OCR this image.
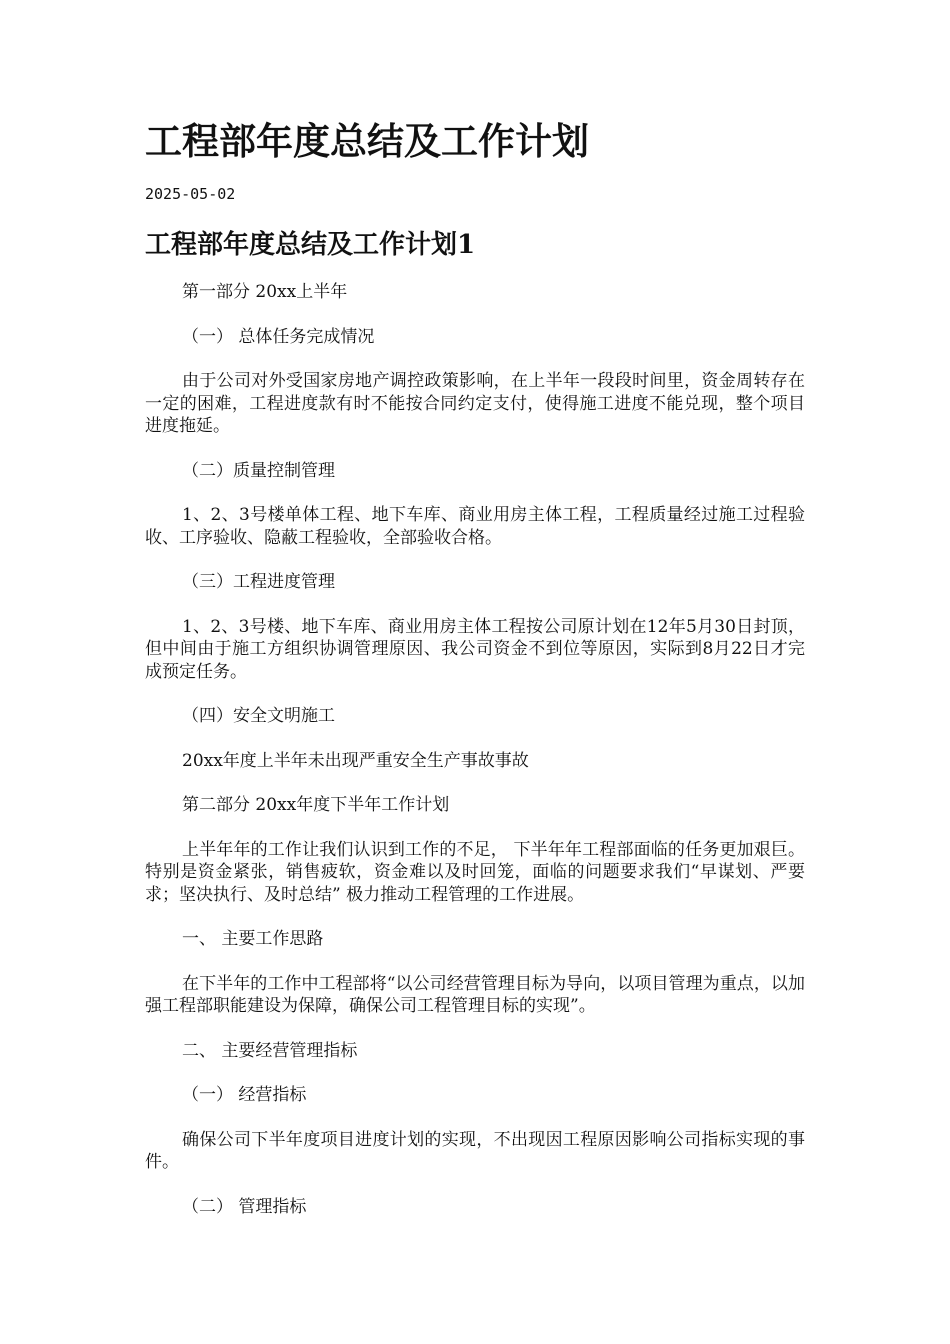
工程部年度总结及工作计划
2025-05-02
工程部年度总结及工作计划1

第一部分 20xx上半年

（一） 总体任务完成情况

由于公司对外受国家房地产调控政策影响，在上半年一段段时间里，资金周转存在一定的困难，工程进度款有时不能按合同约定支付，使得施工进度不能兑现，整个项目进度拖延。

（二）质量控制管理

1、2、3号楼单体工程、地下车库、商业用房主体工程，工程质量经过施工过程验收、工序验收、隐蔽工程验收，全部验收合格。

（三）工程进度管理

1、2、3号楼、地下车库、商业用房主体工程按公司原计划在12年5月30日封顶，但中间由于施工方组织协调管理原因、我公司资金不到位等原因，实际到8月22日才完成预定任务。

（四）安全文明施工

20xx年度上半年未出现严重安全生产事故事故

第二部分 20xx年度下半年工作计划

上半年年的工作让我们认识到工作的不足， 下半年年工程部面临的任务更加艰巨。特别是资金紧张，销售疲软，资金难以及时回笼，面临的问题要求我们“早谋划、严要求；坚决执行、及时总结” 极力推动工程管理的工作进展。

一、 主要工作思路

在下半年的工作中工程部将“以公司经营管理目标为导向，以项目管理为重点，以加强工程部职能建设为保障，确保公司工程管理目标的实现”。

二、 主要经营管理指标

（一） 经营指标

确保公司下半年度项目进度计划的实现，不出现因工程原因影响公司指标实现的事件。

（二） 管理指标
